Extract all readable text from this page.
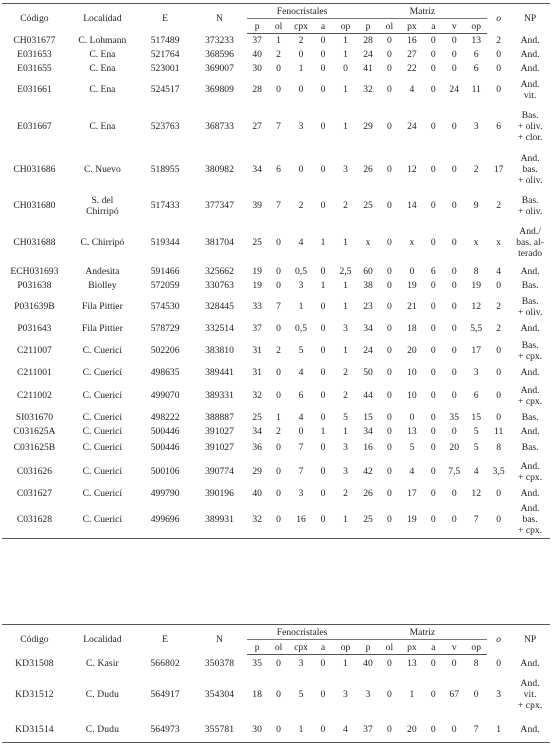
Código	Localidad	E	N	Fenocristales					Matriz						o	NP
				p	ol	cpx	a	op	p	ol	px	a	v	op		
CH031677	C. Lohmann	517489	373233	37	1	2	0	1	28	0	16	0	0	13	2	And.
E031653	C. Ena	521764	368596	40	2	0	0	1	24	0	27	0	0	6	0	And.
E031655	C. Ena	523001	369007	30	0	1	0	0	41	0	22	0	0	6	0	And.
E031661	C. Ena	524517	369809	28	0	0	0	1	32	0	4	0	24	11	0	And.
vit.
E031667	C. Ena	523763	368733	27	7	3	0	1	29	0	24	0	0	3	6	Bas.
+ oliv.
+ clor.
CH031686	C. Nuevo	518955	380982	34	6	0	0	3	26	0	12	0	0	2	17	And.
bas.
+ oliv.
CH031680	S. del
Chirripó	517433	377347	39	7	2	0	2	25	0	14	0	0	9	2	Bas.
+ oliv.
CH031688	C. Chirripó	519344	381704	25	0	4	1	1	x	0	x	0	0	x	x	And./
bas. al-
terado
ECH031693	Andesita	591466	325662	19	0	0,5	0	2,5	60	0	0	6	0	8	4	And.
P031638	Biolley	572059	330763	19	0	3	1	1	38	0	19	0	0	19	0	Bas.
P031639B	Fila Pittier	574530	328445	33	7	1	0	1	23	0	21	0	0	12	2	Bas.
+ oliv.
P031643	Fila Pittier	578729	332514	37	0	0,5	0	3	34	0	18	0	0	5,5	2	And.
C211007	C. Cuericí	502206	383810	31	2	5	0	1	24	0	20	0	0	17	0	Bas.
+ cpx.
C211001	C. Cuericí	498635	389441	31	0	4	0	2	50	0	10	0	0	3	0	And.
C211002	C. Cuericí	499070	389331	32	0	6	0	2	44	0	10	0	0	6	0	And.
+ cpx.
SI031670	C. Cuericí	498222	388887	25	1	4	0	5	15	0	0	0	35	15	0	Bas.
C031625A	C. Cuericí	500446	391027	34	2	0	1	1	34	0	13	0	0	5	11	And.
C031625B	C. Cuericí	500446	391027	36	0	7	0	3	16	0	5	0	20	5	8	Bas.
C031626	C. Cuericí	500106	390774	29	0	7	0	3	42	0	4	0	7,5	4	3,5	And.
+ cpx.
C031627	C. Cuericí	499790	390196	40	0	3	0	2	26	0	17	0	0	12	0	And.
C031628	C. Cuericí	499696	389931	32	0	16	0	1	25	0	19	0	0	7	0	And.
bas.
+ cpx.
Código	Localidad	E	N	Fenocristales					Matriz						o	NP
				p	ol	cpx	a	op	p	ol	px	a	v	op		
KD31508	C. Kasir	566802	350378	35	0	3	0	1	40	0	13	0	0	8	0	And.
KD31512	C. Dudu	564917	354304	18	0	5	0	3	3	0	1	0	67	0	3	And.
vit.
+ cpx.
KD31514	C. Dudu	564973	355781	30	0	1	0	4	37	0	20	0	0	7	1	And.
